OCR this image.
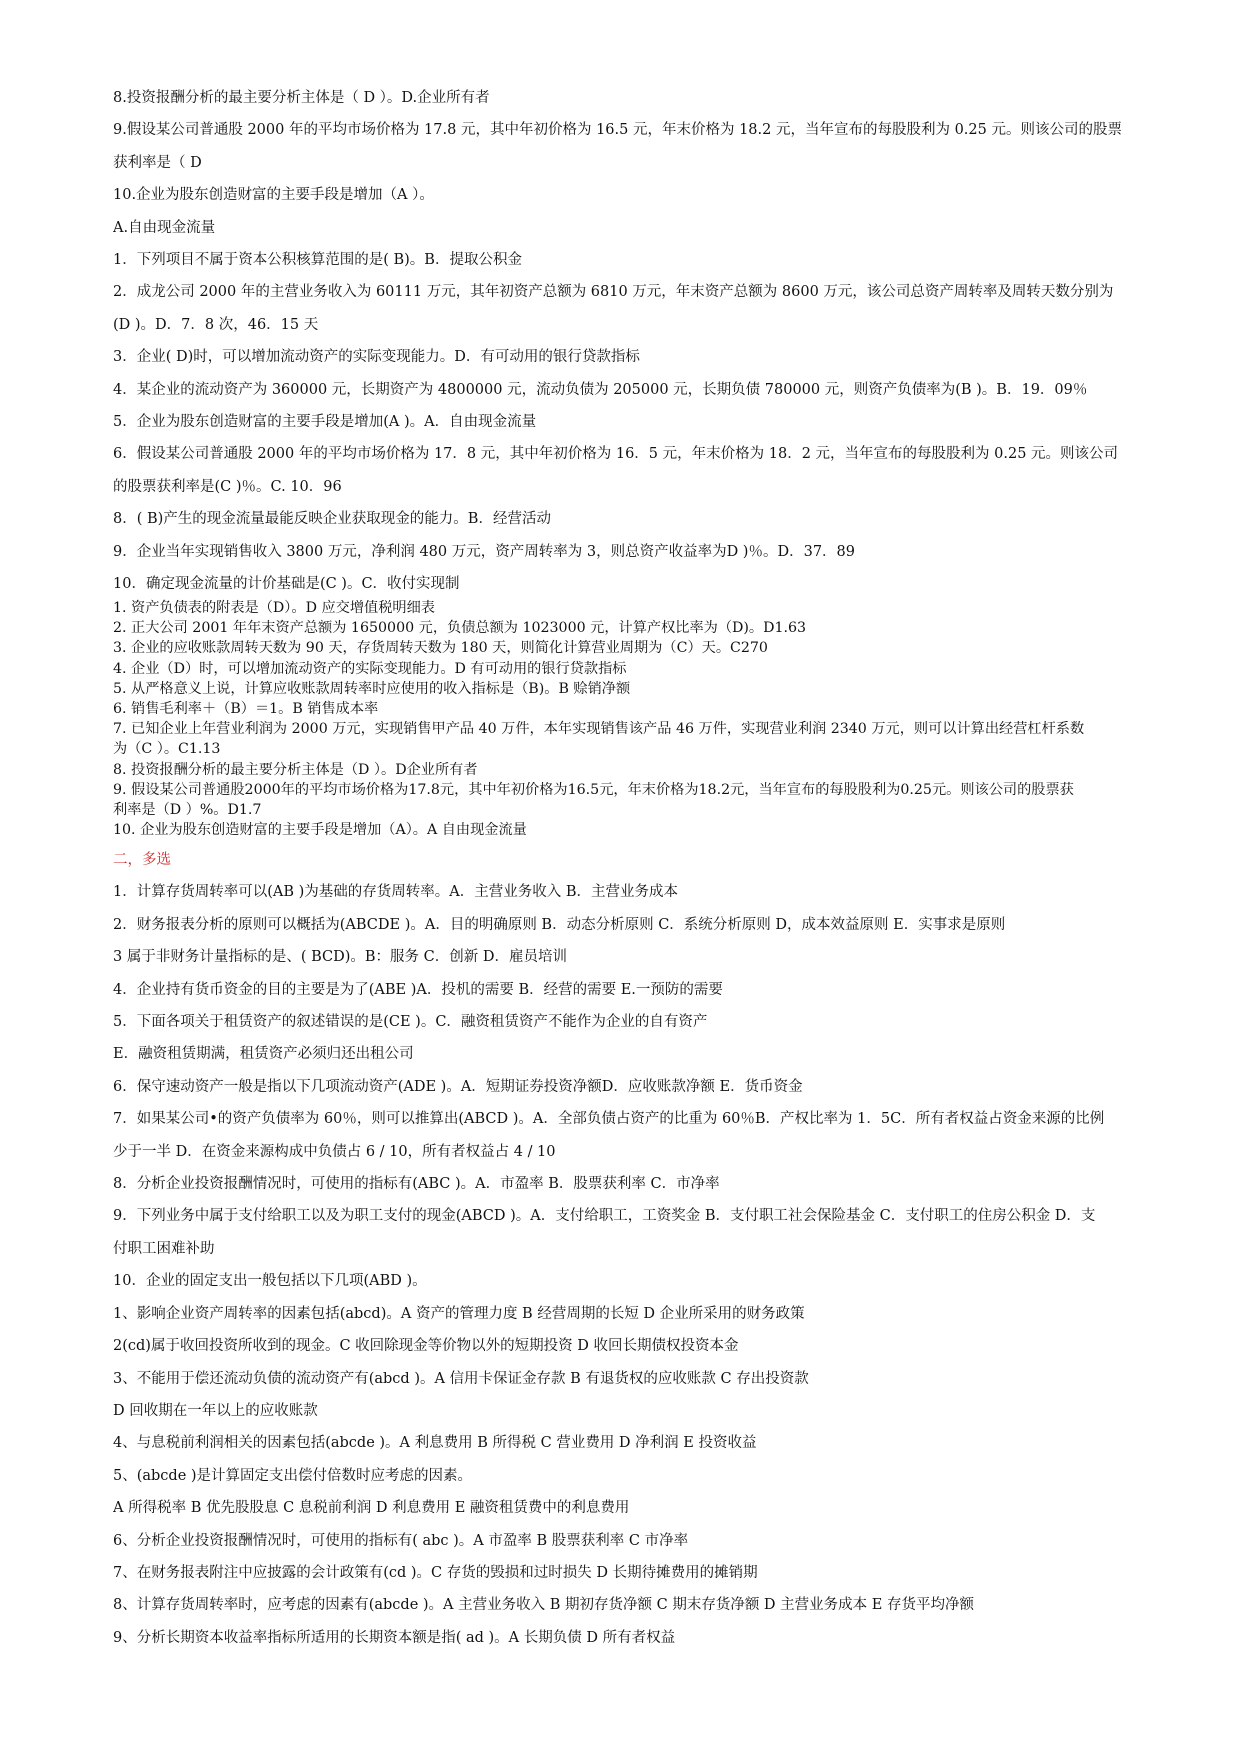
8.投资报酬分析的最主要分析主体是（ D ）。D.企业所有者

9.假设某公司普通股 2000 年的平均市场价格为 17.8 元，其中年初价格为 16.5 元，年末价格为 18.2 元，当年宣布的每股股利为 0.25 元。则该公司的股票

获利率是（ D

10.企业为股东创造财富的主要手段是增加（A ）。

A.自由现金流量

1．下列项目不属于资本公积核算范围的是( B)。B．提取公积金

2．成龙公司 2000 年的主营业务收入为 60111 万元，其年初资产总额为 6810 万元，年末资产总额为 8600 万元，该公司总资产周转率及周转天数分别为

(D )。D．7．8 次，46．15 天

3．企业( D)时，可以增加流动资产的实际变现能力。D．有可动用的银行贷款指标

4．某企业的流动资产为 360000 元，长期资产为 4800000 元，流动负债为 205000 元，长期负债 780000 元，则资产负债率为(B )。B．19．09％

5．企业为股东创造财富的主要手段是增加(A )。A．自由现金流量

6．假设某公司普通股 2000 年的平均市场价格为 17．8 元，其中年初价格为 16．5 元，年末价格为 18．2 元，当年宣布的每股股利为 0.25 元。则该公司

的股票获利率是(C )％。C. 10．96

8．( B)产生的现金流量最能反映企业获取现金的能力。B．经营活动

9．企业当年实现销售收入 3800 万元，净利润 480 万元，资产周转率为 3，则总资产收益率为D )％。D．37．89

10．确定现金流量的计价基础是(C )。C．收付实现制

1. 资产负债表的附表是（D）。D 应交增值税明细表

2. 正大公司 2001 年年末资产总额为 1650000 元，负债总额为 1023000 元，计算产权比率为（D)。D1.63

3. 企业的应收账款周转天数为 90 天，存货周转天数为 180 天，则简化计算营业周期为（C）天。C270

4. 企业（D）时，可以增加流动资产的实际变现能力。D 有可动用的银行贷款指标

5. 从严格意义上说，计算应收账款周转率时应使用的收入指标是（B)。B 赊销净额

6. 销售毛利率＋（B）＝1。B 销售成本率

7. 已知企业上年营业利润为 2000 万元，实现销售甲产品 40 万件，本年实现销售该产品 46 万件，实现营业利润 2340 万元，则可以计算出经营杠杆系数

为（C ）。C1.13

8. 投资报酬分析的最主要分析主体是（D ）。D企业所有者

9. 假设某公司普通股2000年的平均市场价格为17.8元，其中年初价格为16.5元，年末价格为18.2元，当年宣布的每股股利为0.25元。则该公司的股票获

利率是（D ）%。D1.7

10. 企业为股东创造财富的主要手段是增加（A）。A 自由现金流量

二，多选

1．计算存货周转率可以(AB )为基础的存货周转率。A．主营业务收入 B．主营业务成本

2．财务报表分析的原则可以概括为(ABCDE )。A．目的明确原则 B．动态分析原则 C．系统分析原则 D，成本效益原则 E．实事求是原则

3 属于非财务计量指标的是、( BCD)。B：服务 C．创新 D．雇员培训

4．企业持有货币资金的目的主要是为了(ABE )A．投机的需要 B．经营的需要 E.一预防的需要

5．下面各项关于租赁资产的叙述错误的是(CE )。C．融资租赁资产不能作为企业的自有资产

E．融资租赁期满，租赁资产必须归还出租公司

6．保守速动资产一般是指以下几项流动资产(ADE )。A．短期证券投资净额D．应收账款净额 E．货币资金

7．如果某公司•的资产负债率为 60％，则可以推算出(ABCD )。A．全部负债占资产的比重为 60％B．产权比率为 1．5C．所有者权益占资金来源的比例

少于一半 D．在资金来源构成中负债占 6 / 10，所有者权益占 4 / 10

8．分析企业投资报酬情况时，可使用的指标有(ABC )。A．市盈率 B．股票获利率 C．市净率

9．下列业务中属于支付给职工以及为职工支付的现金(ABCD )。A．支付给职工，工资奖金 B．支付职工社会保险基金 C．支付职工的住房公积金 D．支

付职工困难补助

10．企业的固定支出一般包括以下几项(ABD )。

1、影响企业资产周转率的因素包括(abcd)。A 资产的管理力度 B 经营周期的长短 D 企业所采用的财务政策

2(cd)属于收回投资所收到的现金。C 收回除现金等价物以外的短期投资 D 收回长期债权投资本金

3、不能用于偿还流动负债的流动资产有(abcd )。A 信用卡保证金存款 B 有退货权的应收账款 C 存出投资款

D 回收期在一年以上的应收账款

4、与息税前利润相关的因素包括(abcde )。A 利息费用 B 所得税 C 营业费用 D 净利润 E 投资收益

5、(abcde )是计算固定支出偿付倍数时应考虑的因素。

A 所得税率 B 优先股股息 C 息税前利润 D 利息费用 E 融资租赁费中的利息费用

6、分析企业投资报酬情况时，可使用的指标有( abc )。A 市盈率 B 股票获利率 C 市净率

7、在财务报表附注中应披露的会计政策有(cd )。C 存货的毁损和过时损失 D 长期待摊费用的摊销期

8、计算存货周转率时，应考虑的因素有(abcde )。A 主营业务收入 B 期初存货净额 C 期末存货净额 D 主营业务成本 E 存货平均净额

9、分析长期资本收益率指标所适用的长期资本额是指( ad )。A 长期负债 D 所有者权益
